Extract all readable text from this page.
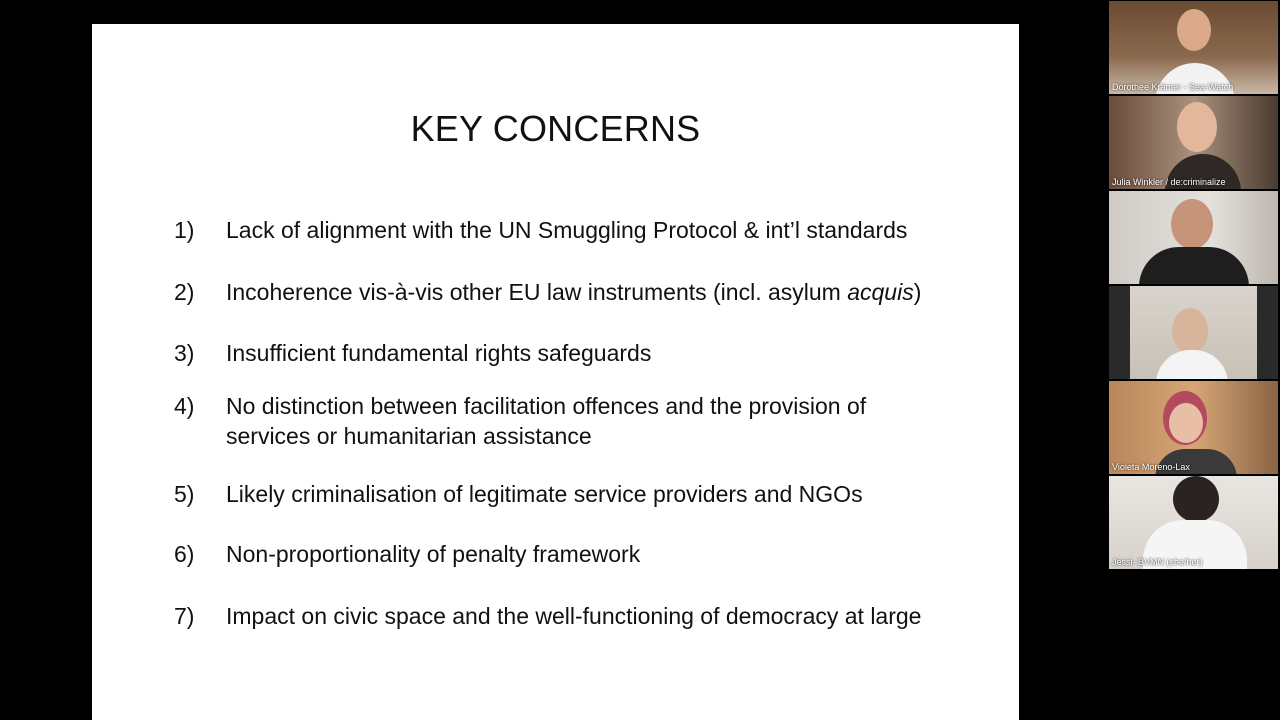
KEY CONCERNS
1)	Lack of alignment with the UN Smuggling Protocol & int’l standards
2)	Incoherence vis-à-vis other EU law instruments (incl. asylum acquis)
3)	Insufficient fundamental rights safeguards
4)	No distinction between facilitation offences and the provision of services or humanitarian assistance
5)	Likely criminalisation of legitimate service providers and NGOs
6)	Non-proportionality of penalty framework
7)	Impact on civic space and the well-functioning of democracy at large
Dorothee Krämer - Sea-Watch
Julia Winkler / de:criminalize
Violeta Moreno-Lax
Jessi- BVMN (she/her)
